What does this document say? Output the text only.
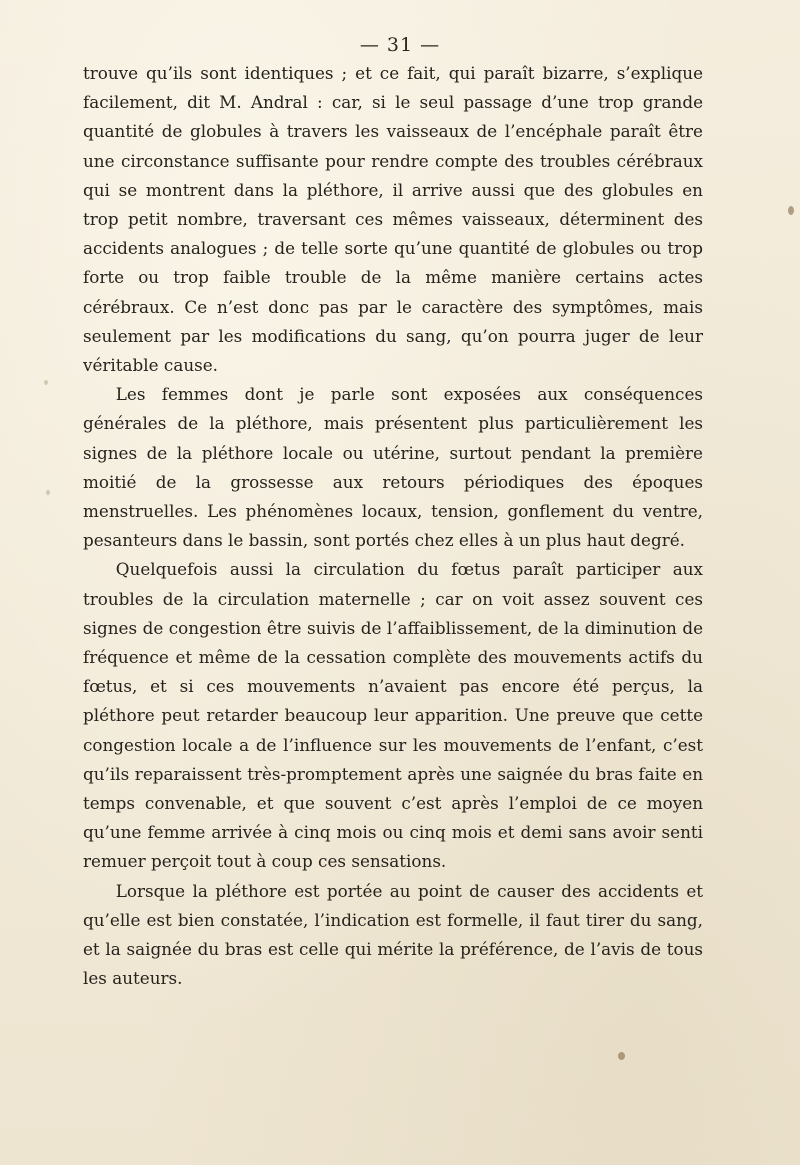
— 31 —

trouve qu’ils sont identiques ; et ce fait, qui paraît bizarre, s’explique facilement, dit M. Andral : car, si le seul passage d’une trop grande quantité de globules à travers les vaisseaux de l’encéphale paraît être une circonstance suffisante pour rendre compte des troubles cérébraux qui se montrent dans la pléthore, il arrive aussi que des globules en trop petit nombre, traversant ces mêmes vaisseaux, déterminent des accidents analogues ; de telle sorte qu’une quantité de globules ou trop forte ou trop faible trouble de la même manière certains actes cérébraux. Ce n’est donc pas par le caractère des symptômes, mais seulement par les modifications du sang, qu’on pourra juger de leur véritable cause.

Les femmes dont je parle sont exposées aux conséquences générales de la pléthore, mais présentent plus particulièrement les signes de la pléthore locale ou utérine, surtout pendant la première moitié de la grossesse aux retours périodiques des époques menstruelles. Les phénomènes locaux, tension, gonflement du ventre, pesanteurs dans le bassin, sont portés chez elles à un plus haut degré.

Quelquefois aussi la circulation du fœtus paraît participer aux troubles de la circulation maternelle ; car on voit assez souvent ces signes de congestion être suivis de l’affaiblissement, de la diminution de fréquence et même de la cessation complète des mouvements actifs du fœtus, et si ces mouvements n’avaient pas encore été perçus, la pléthore peut retarder beaucoup leur apparition. Une preuve que cette congestion locale a de l’influence sur les mouvements de l’enfant, c’est qu’ils reparaissent très-promptement après une saignée du bras faite en temps convenable, et que souvent c’est après l’emploi de ce moyen qu’une femme arrivée à cinq mois ou cinq mois et demi sans avoir senti remuer perçoit tout à coup ces sensations.

Lorsque la pléthore est portée au point de causer des accidents et qu’elle est bien constatée, l’indication est formelle, il faut tirer du sang, et la saignée du bras est celle qui mérite la préférence, de l’avis de tous les auteurs.
